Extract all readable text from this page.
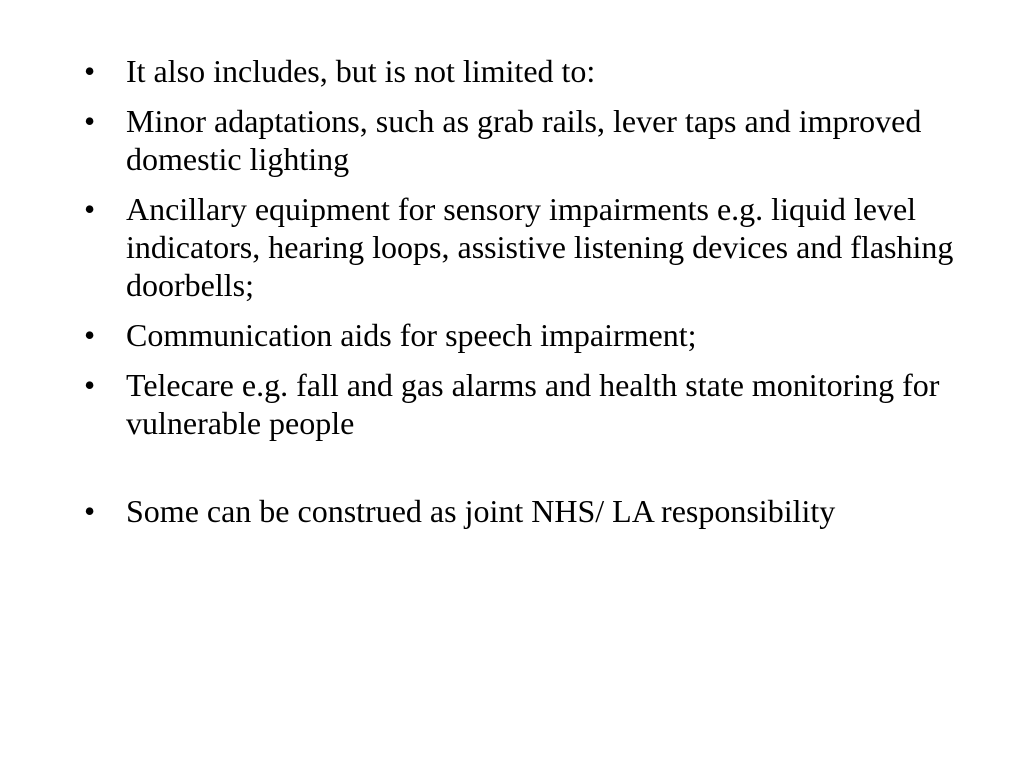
• It also includes, but is not limited to:
• Minor adaptations, such as grab rails, lever taps and improved domestic lighting
• Ancillary equipment for sensory impairments e.g. liquid level indicators, hearing loops, assistive listening devices and flashing doorbells;
• Communication aids for speech impairment;
• Telecare e.g. fall and gas alarms and health state monitoring for vulnerable people
• Some can be construed as joint NHS/ LA responsibility
